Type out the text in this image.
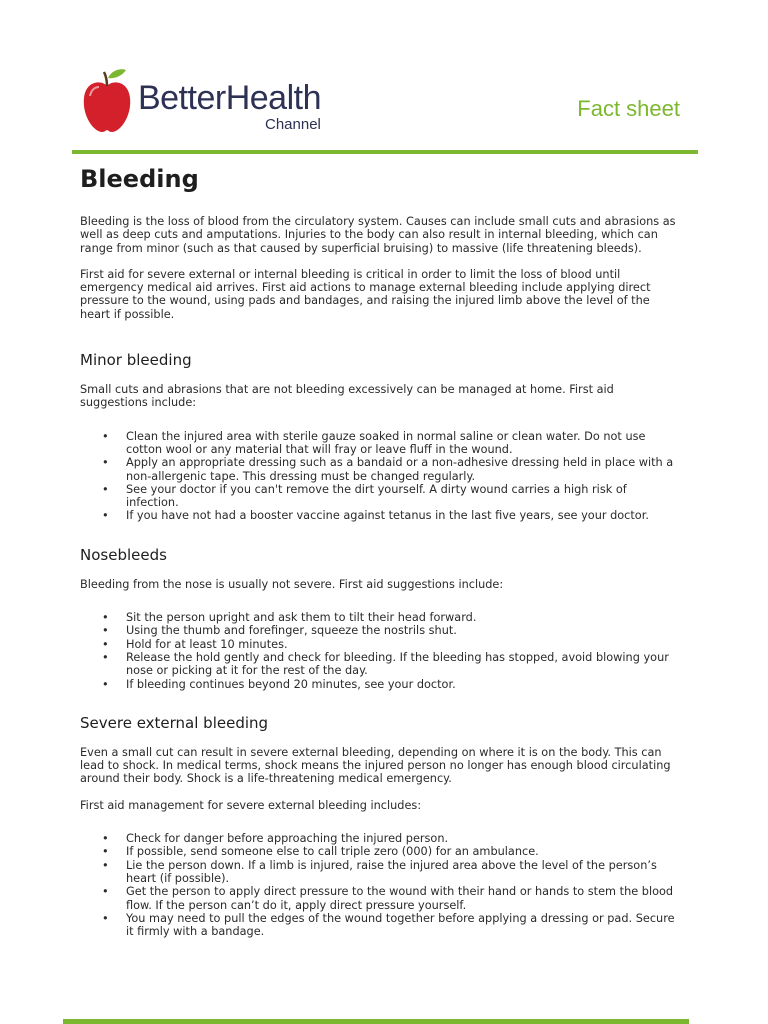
BetterHealth
Channel
Fact sheet
Bleeding

Bleeding is the loss of blood from the circulatory system. Causes can include small cuts and abrasions as well as deep cuts and amputations. Injuries to the body can also result in internal bleeding, which can range from minor (such as that caused by superficial bruising) to massive (life threatening bleeds).

First aid for severe external or internal bleeding is critical in order to limit the loss of blood until emergency medical aid arrives. First aid actions to manage external bleeding include applying direct pressure to the wound, using pads and bandages, and raising the injured limb above the level of the heart if possible.

Minor bleeding

Small cuts and abrasions that are not bleeding excessively can be managed at home. First aid suggestions include:

• Clean the injured area with sterile gauze soaked in normal saline or clean water. Do not use cotton wool or any material that will fray or leave fluff in the wound.
• Apply an appropriate dressing such as a bandaid or a non-adhesive dressing held in place with a non-allergenic tape. This dressing must be changed regularly.
• See your doctor if you can't remove the dirt yourself. A dirty wound carries a high risk of infection.
• If you have not had a booster vaccine against tetanus in the last five years, see your doctor.
Nosebleeds

Bleeding from the nose is usually not severe. First aid suggestions include:

• Sit the person upright and ask them to tilt their head forward.
• Using the thumb and forefinger, squeeze the nostrils shut.
• Hold for at least 10 minutes.
• Release the hold gently and check for bleeding. If the bleeding has stopped, avoid blowing your nose or picking at it for the rest of the day.
• If bleeding continues beyond 20 minutes, see your doctor.
Severe external bleeding

Even a small cut can result in severe external bleeding, depending on where it is on the body. This can lead to shock. In medical terms, shock means the injured person no longer has enough blood circulating around their body. Shock is a life-threatening medical emergency.

First aid management for severe external bleeding includes:

• Check for danger before approaching the injured person.
• If possible, send someone else to call triple zero (000) for an ambulance.
• Lie the person down. If a limb is injured, raise the injured area above the level of the person’s heart (if possible).
• Get the person to apply direct pressure to the wound with their hand or hands to stem the blood flow. If the person can’t do it, apply direct pressure yourself.
• You may need to pull the edges of the wound together before applying a dressing or pad. Secure it firmly with a bandage.
